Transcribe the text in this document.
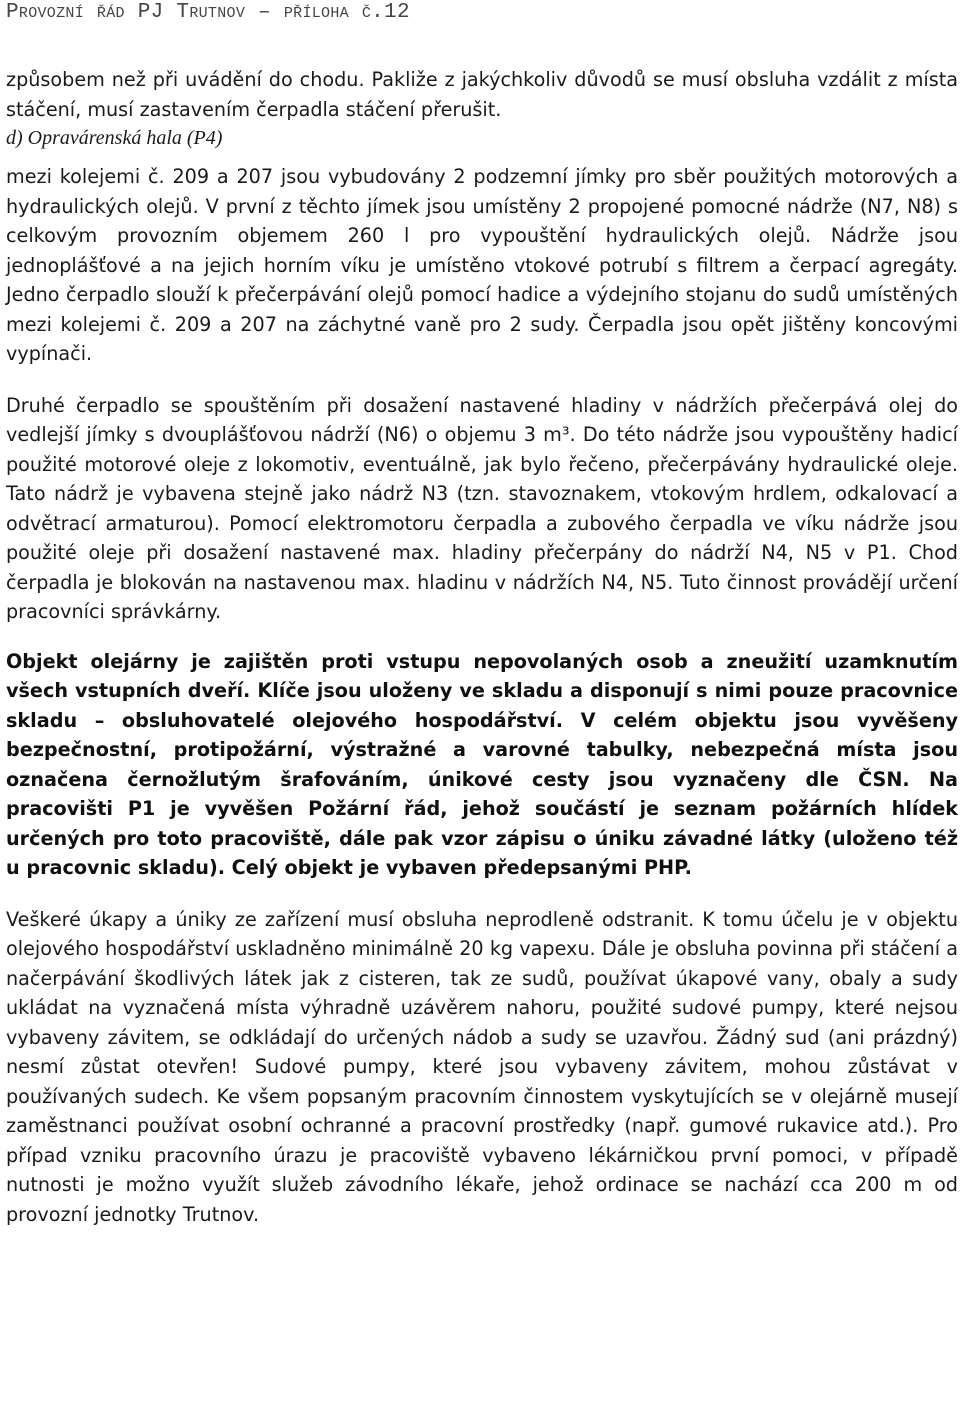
Provozní řád PJ Trutnov – příloha č.12

způsobem než při uvádění do chodu. Pakliže z jakýchkoliv důvodů se musí obsluha vzdálit z místa stáčení, musí zastavením čerpadla stáčení přerušit.

d) Opravárenská hala (P4)

mezi kolejemi č. 209 a 207 jsou vybudovány 2 podzemní jímky pro sběr použitých motorových a hydraulických olejů. V první z těchto jímek jsou umístěny 2 propojené pomocné nádrže (N7, N8) s celkovým provozním objemem 260 l pro vypouštění hydraulických olejů. Nádrže jsou jednoplášťové a na jejich horním víku je umístěno vtokové potrubí s filtrem a čerpací agregáty. Jedno čerpadlo slouží k přečerpávání olejů pomocí hadice a výdejního stojanu do sudů umístěných mezi kolejemi č. 209 a 207 na záchytné vaně pro 2 sudy. Čerpadla jsou opět jištěny koncovými vypínači.

Druhé čerpadlo se spouštěním při dosažení nastavené hladiny v nádržích přečerpává olej do vedlejší jímky s dvouplášťovou nádrží (N6) o objemu 3 m³. Do této nádrže jsou vypouštěny hadicí použité motorové oleje z lokomotiv, eventuálně, jak bylo řečeno, přečerpávány hydraulické oleje. Tato nádrž je vybavena stejně jako nádrž N3 (tzn. stavoznakem, vtokovým hrdlem, odkalovací a odvětrací armaturou). Pomocí elektromotoru čerpadla a zubového čerpadla ve víku nádrže jsou použité oleje při dosažení nastavené max. hladiny přečerpány do nádrží N4, N5 v P1. Chod čerpadla je blokován na nastavenou max. hladinu v nádržích N4, N5. Tuto činnost provádějí určení pracovníci správkárny.

Objekt olejárny je zajištěn proti vstupu nepovolaných osob a zneužití uzamknutím všech vstupních dveří. Klíče jsou uloženy ve skladu a disponují s nimi pouze pracovnice skladu – obsluhovatelé olejového hospodářství. V celém objektu jsou vyvěšeny bezpečnostní, protipožární, výstražné a varovné tabulky, nebezpečná místa jsou označena černožlutým šrafováním, únikové cesty jsou vyznačeny dle ČSN. Na pracovišti P1 je vyvěšen Požární řád, jehož součástí je seznam požárních hlídek určených pro toto pracoviště, dále pak vzor zápisu o úniku závadné látky (uloženo též u pracovnic skladu). Celý objekt je vybaven předepsanými PHP.

Veškeré úkapy a úniky ze zařízení musí obsluha neprodleně odstranit. K tomu účelu je v objektu olejového hospodářství uskladněno minimálně 20 kg vapexu. Dále je obsluha povinna při stáčení a načerpávání škodlivých látek jak z cisteren, tak ze sudů, používat úkapové vany, obaly a sudy ukládat na vyznačená místa výhradně uzávěrem nahoru, použité sudové pumpy, které nejsou vybaveny závitem, se odkládají do určených nádob a sudy se uzavřou. Žádný sud (ani prázdný) nesmí zůstat otevřen! Sudové pumpy, které jsou vybaveny závitem, mohou zůstávat v používaných sudech. Ke všem popsaným pracovním činnostem vyskytujících se v olejárně musejí zaměstnanci používat osobní ochranné a pracovní prostředky (např. gumové rukavice atd.). Pro případ vzniku pracovního úrazu je pracoviště vybaveno lékárničkou první pomoci, v případě nutnosti je možno využít služeb závodního lékaře, jehož ordinace se nachází cca 200 m od provozní jednotky Trutnov.
